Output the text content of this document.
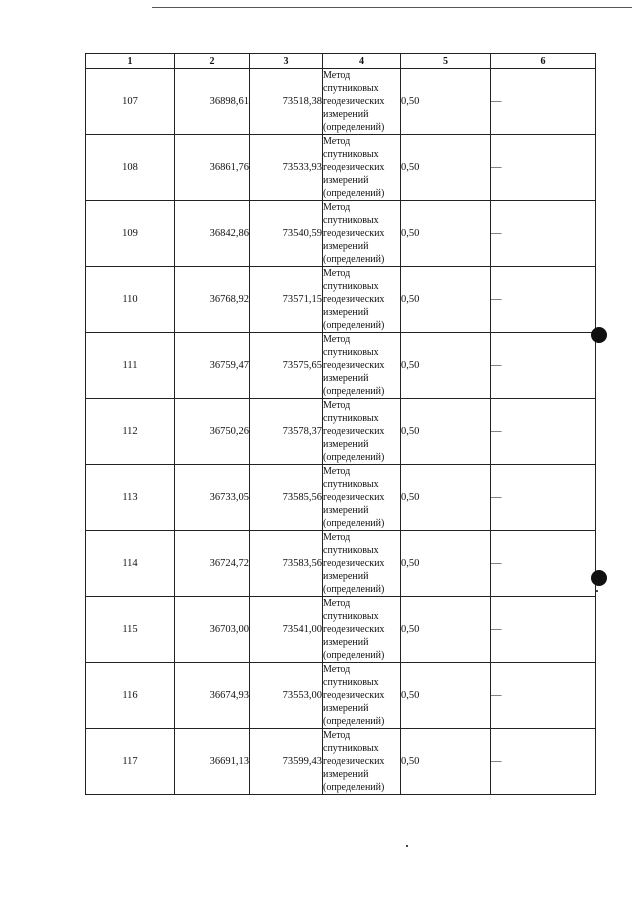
1	2	3	4	5	6
107	36898,61	73518,38	Метод спутниковых геодезических измерений (определений)	0,50	—
108	36861,76	73533,93	Метод спутниковых геодезических измерений (определений)	0,50	—
109	36842,86	73540,59	Метод спутниковых геодезических измерений (определений)	0,50	—
110	36768,92	73571,15	Метод спутниковых геодезических измерений (определений)	0,50	—
111	36759,47	73575,65	Метод спутниковых геодезических измерений (определений)	0,50	—
112	36750,26	73578,37	Метод спутниковых геодезических измерений (определений)	0,50	—
113	36733,05	73585,56	Метод спутниковых геодезических измерений (определений)	0,50	—
114	36724,72	73583,56	Метод спутниковых геодезических измерений (определений)	0,50	—
115	36703,00	73541,00	Метод спутниковых геодезических измерений (определений)	0,50	—
116	36674,93	73553,00	Метод спутниковых геодезических измерений (определений)	0,50	—
117	36691,13	73599,43	Метод спутниковых геодезических измерений (определений)	0,50	—
